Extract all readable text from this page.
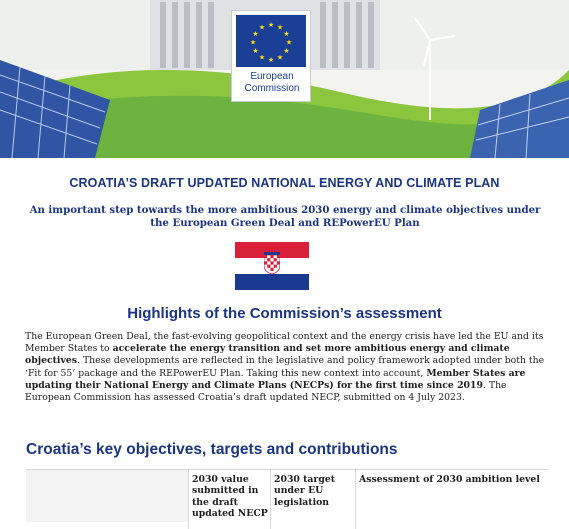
★ ★
★
★
★
★
★
★
★
★
★
★
European
Commission
CROATIA’S DRAFT UPDATED NATIONAL ENERGY AND CLIMATE PLAN
An important step towards the more ambitious 2030 energy and climate objectives under
the European Green Deal and REPowerEU Plan
Highlights of the Commission’s assessment

The European Green Deal, the fast-evolving geopolitical context and the energy crisis have led the EU and its Member States to accelerate the energy transition and set more ambitious energy and climate objectives. These developments are reflected in the legislative and policy framework adopted under both the ‘Fit for 55’ package and the REPowerEU Plan. Taking this new context into account, Member States are updating their National Energy and Climate Plans (NECPs) for the first time since 2019. The European Commission has assessed Croatia’s draft updated NECP, submitted on 4 July 2023.

Croatia’s key objectives, targets and contributions
2030 value submitted in the draft updated NECP
2030 target under EU legislation
Assessment of 2030 ambition level
